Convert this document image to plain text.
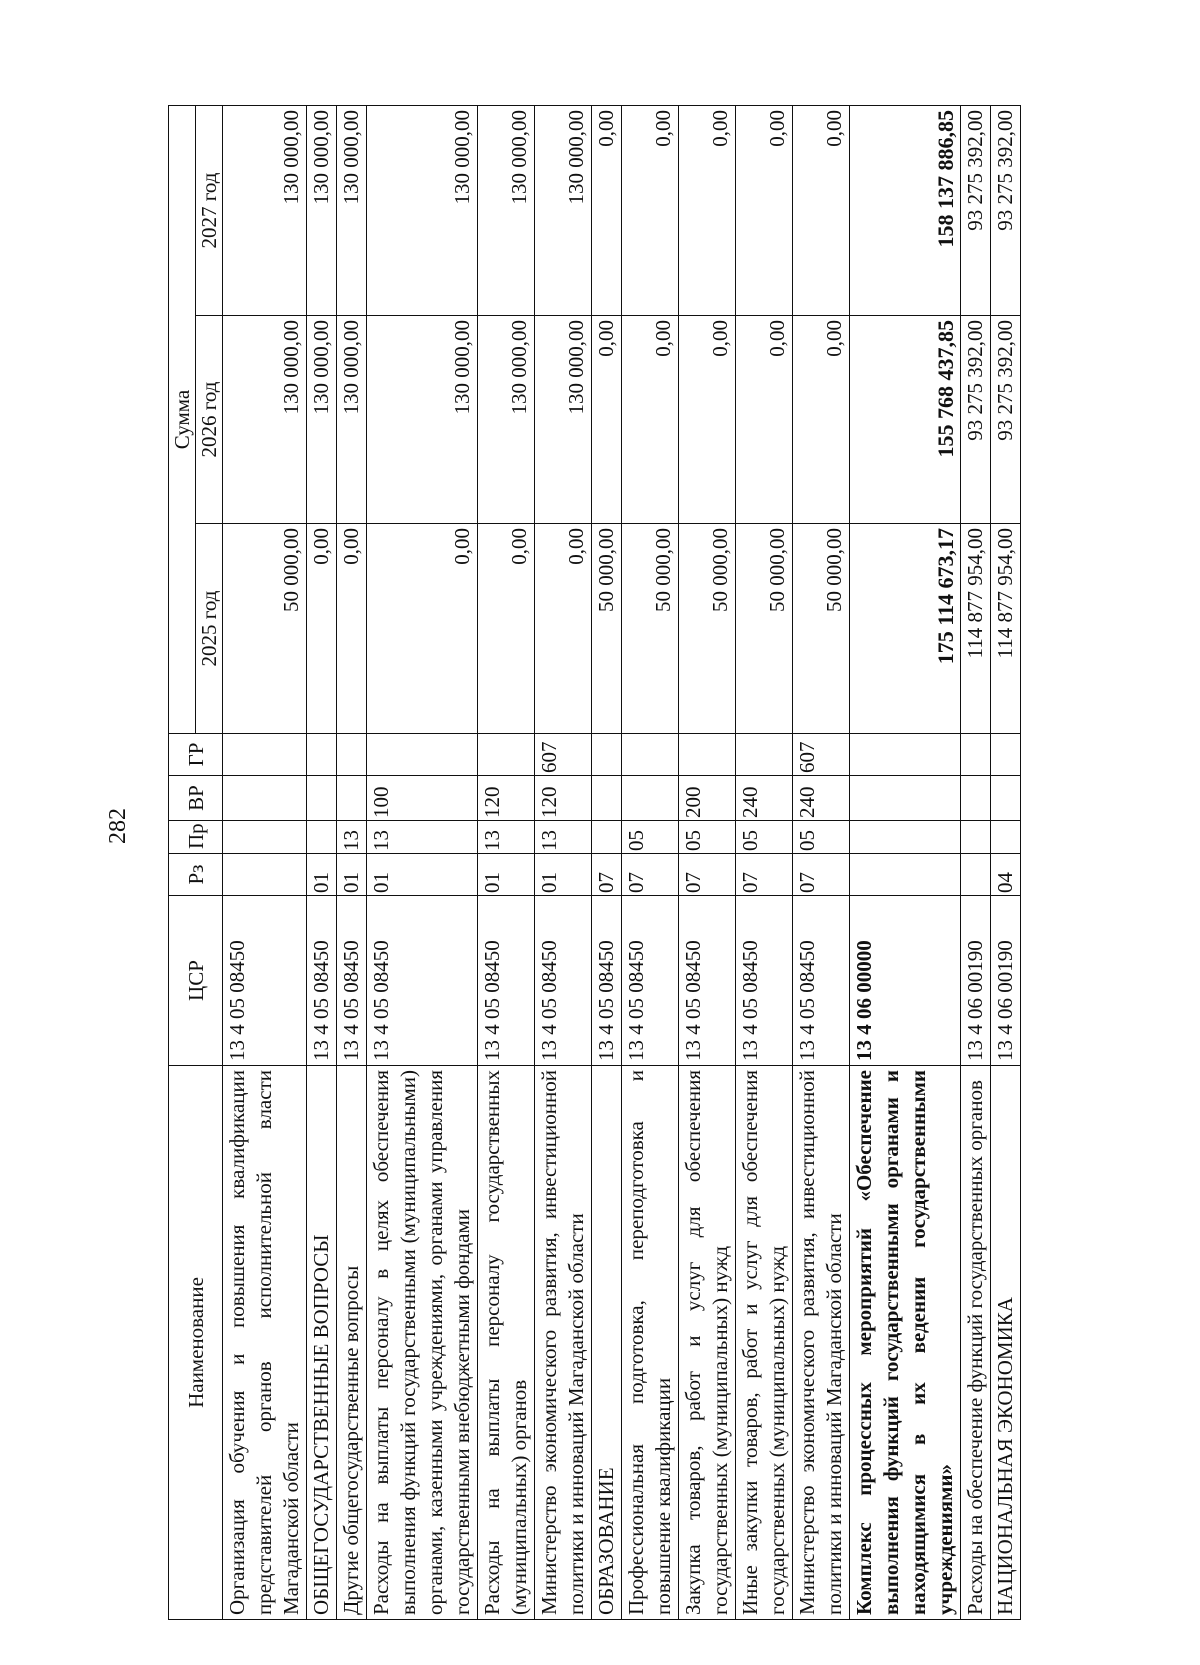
282
Наименование	ЦСР	Рз	Пр	ВР	ГР	Сумма		
						2025 год	2026 год	2027 год
Организация обучения и повышения квалификации представителей органов исполнительной власти Магаданской области	13 4 05 08450					50 000,00	130 000,00	130 000,00
ОБЩЕГОСУДАРСТВЕННЫЕ ВОПРОСЫ	13 4 05 08450	01				0,00	130 000,00	130 000,00
Другие общегосударственные вопросы	13 4 05 08450	01	13			0,00	130 000,00	130 000,00
Расходы на выплаты персоналу в целях обеспечения выполнения функций государственными (муниципальными) органами, казенными учреждениями, органами управления государственными внебюджетными фондами	13 4 05 08450	01	13	100		0,00	130 000,00	130 000,00
Расходы на выплаты персоналу государственных (муниципальных) органов	13 4 05 08450	01	13	120		0,00	130 000,00	130 000,00
Министерство экономического развития, инвестиционной политики и инноваций Магаданской области	13 4 05 08450	01	13	120	607	0,00	130 000,00	130 000,00
ОБРАЗОВАНИЕ	13 4 05 08450	07				50 000,00	0,00	0,00
Профессиональная подготовка, переподготовка и повышение квалификации	13 4 05 08450	07	05			50 000,00	0,00	0,00
Закупка товаров, работ и услуг для обеспечения государственных (муниципальных) нужд	13 4 05 08450	07	05	200		50 000,00	0,00	0,00
Иные закупки товаров, работ и услуг для обеспечения государственных (муниципальных) нужд	13 4 05 08450	07	05	240		50 000,00	0,00	0,00
Министерство экономического развития, инвестиционной политики и инноваций Магаданской области	13 4 05 08450	07	05	240	607	50 000,00	0,00	0,00
Комплекс процессных мероприятий «Обеспечение выполнения функций государственными органами и находящимися в их ведении государственными учреждениями»	13 4 06 00000					175 114 673,17	155 768 437,85	158 137 886,85
Расходы на обеспечение функций государственных органов	13 4 06 00190					114 877 954,00	93 275 392,00	93 275 392,00
НАЦИОНАЛЬНАЯ ЭКОНОМИКА	13 4 06 00190	04				114 877 954,00	93 275 392,00	93 275 392,00
